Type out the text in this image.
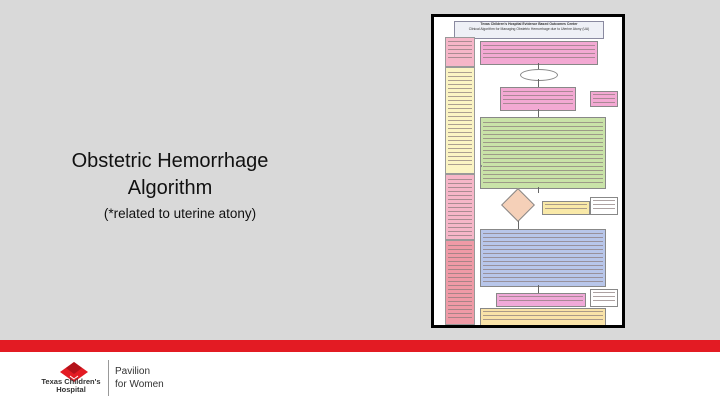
Obstetric Hemorrhage
Algorithm
(*related to uterine atony)
Texas Children's Hospital Evidence Based Outcomes Center
Clinical Algorithm for Managing Obstetric Hemorrhage due to Uterine Atony (UA)
Texas Children's Hospital
Pavilion
for Women
